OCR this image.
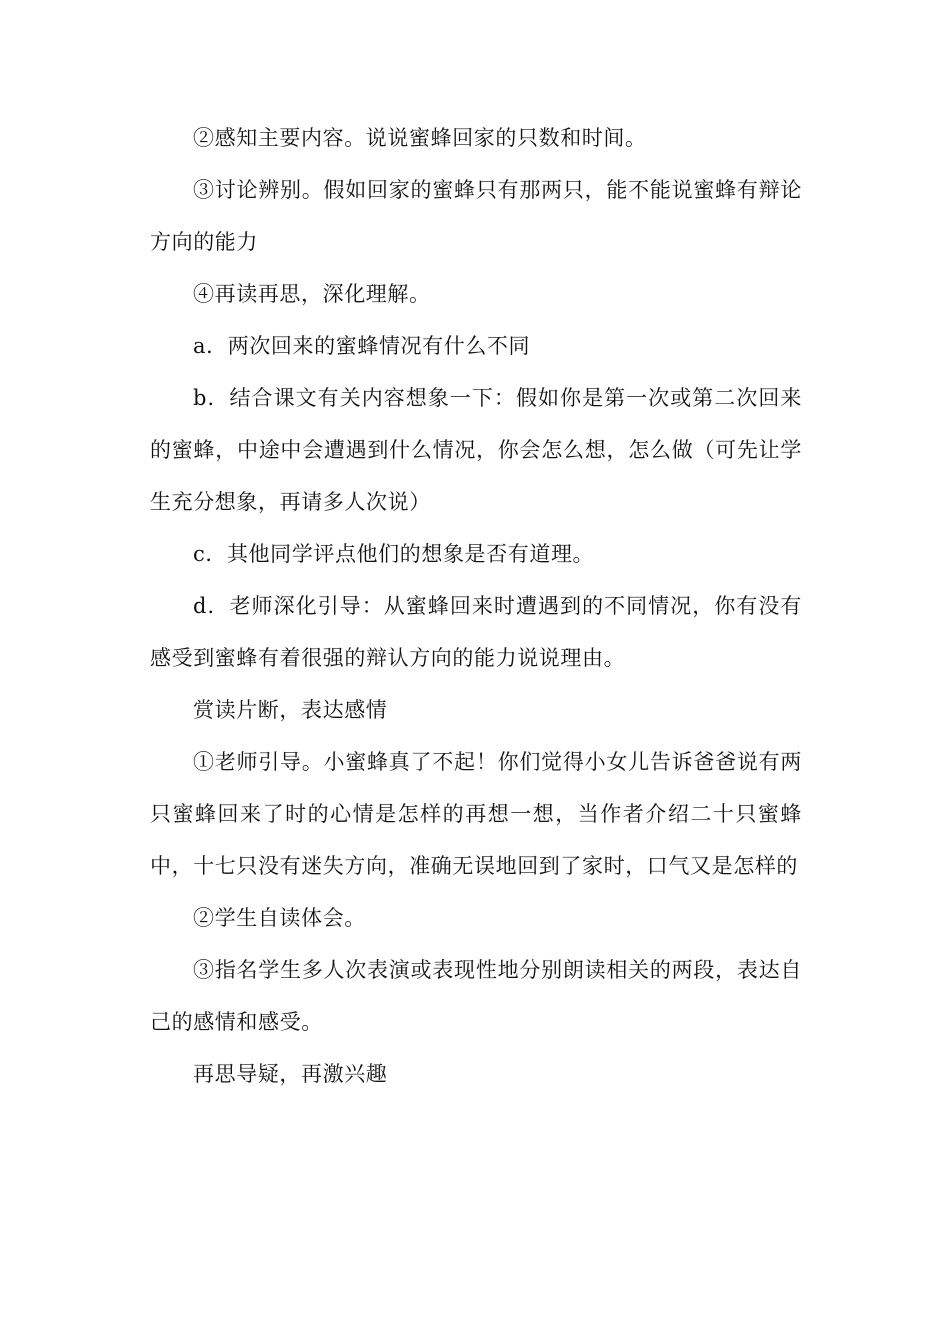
②感知主要内容。说说蜜蜂回家的只数和时间。

③讨论辨别。假如回家的蜜蜂只有那两只，能不能说蜜蜂有辩论方向的能力

④再读再思，深化理解。

a．两次回来的蜜蜂情况有什么不同

b．结合课文有关内容想象一下：假如你是第一次或第二次回来的蜜蜂，中途中会遭遇到什么情况，你会怎么想，怎么做（可先让学生充分想象，再请多人次说）

c．其他同学评点他们的想象是否有道理。

d．老师深化引导：从蜜蜂回来时遭遇到的不同情况，你有没有感受到蜜蜂有着很强的辩认方向的能力说说理由。

赏读片断，表达感情

①老师引导。小蜜蜂真了不起！你们觉得小女儿告诉爸爸说有两只蜜蜂回来了时的心情是怎样的再想一想，当作者介绍二十只蜜蜂中，十七只没有迷失方向，准确无误地回到了家时，口气又是怎样的

②学生自读体会。

③指名学生多人次表演或表现性地分别朗读相关的两段，表达自己的感情和感受。

再思导疑，再激兴趣
